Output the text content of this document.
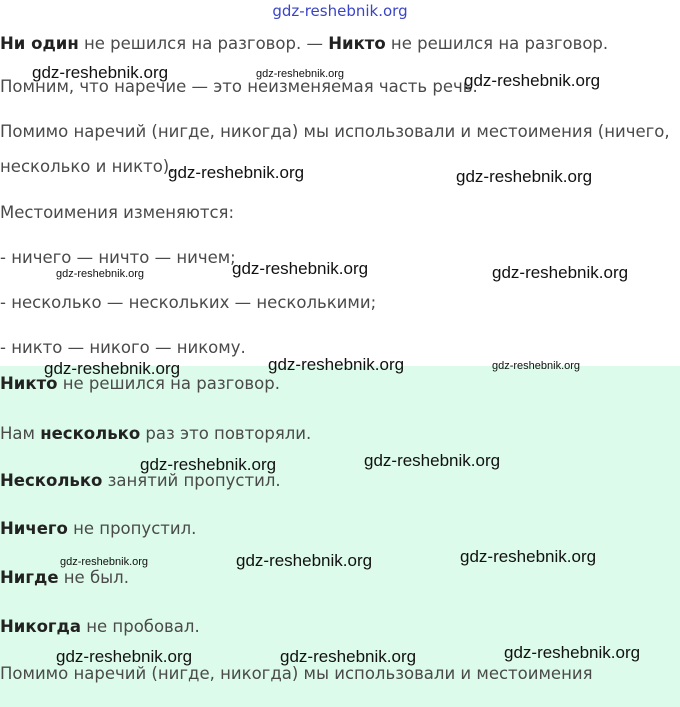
gdz-reshebnik.org
Ни один не решился на разговор. — Никто не решился на разговор.
Помним, что наречие — это неизменяемая часть речь.
Помимо наречий (нигде, никогда) мы использовали и местоимения (ничего,
несколько и никто).
Местоимения изменяются:
- ничего — ничто — ничем;
- несколько — нескольких — несколькими;
- никто — никого — никому.
Никто не решился на разговор.
Нам несколько раз это повторяли.
Несколько занятий пропустил.
Ничего не пропустил.
Нигде не был.
Никогда не пробовал.
Помимо наречий (нигде, никогда) мы использовали и местоимения
gdz-reshebnik.org	gdz-reshebnik.org	gdz-reshebnik.org
gdz-reshebnik.org	gdz-reshebnik.org
gdz-reshebnik.org
gdz-reshebnik.org	gdz-reshebnik.org
gdz-reshebnik.org	gdz-reshebnik.org	gdz-reshebnik.org
gdz-reshebnik.org	gdz-reshebnik.org
gdz-reshebnik.org	gdz-reshebnik.org	gdz-reshebnik.org
gdz-reshebnik.org	gdz-reshebnik.org	gdz-reshebnik.org
